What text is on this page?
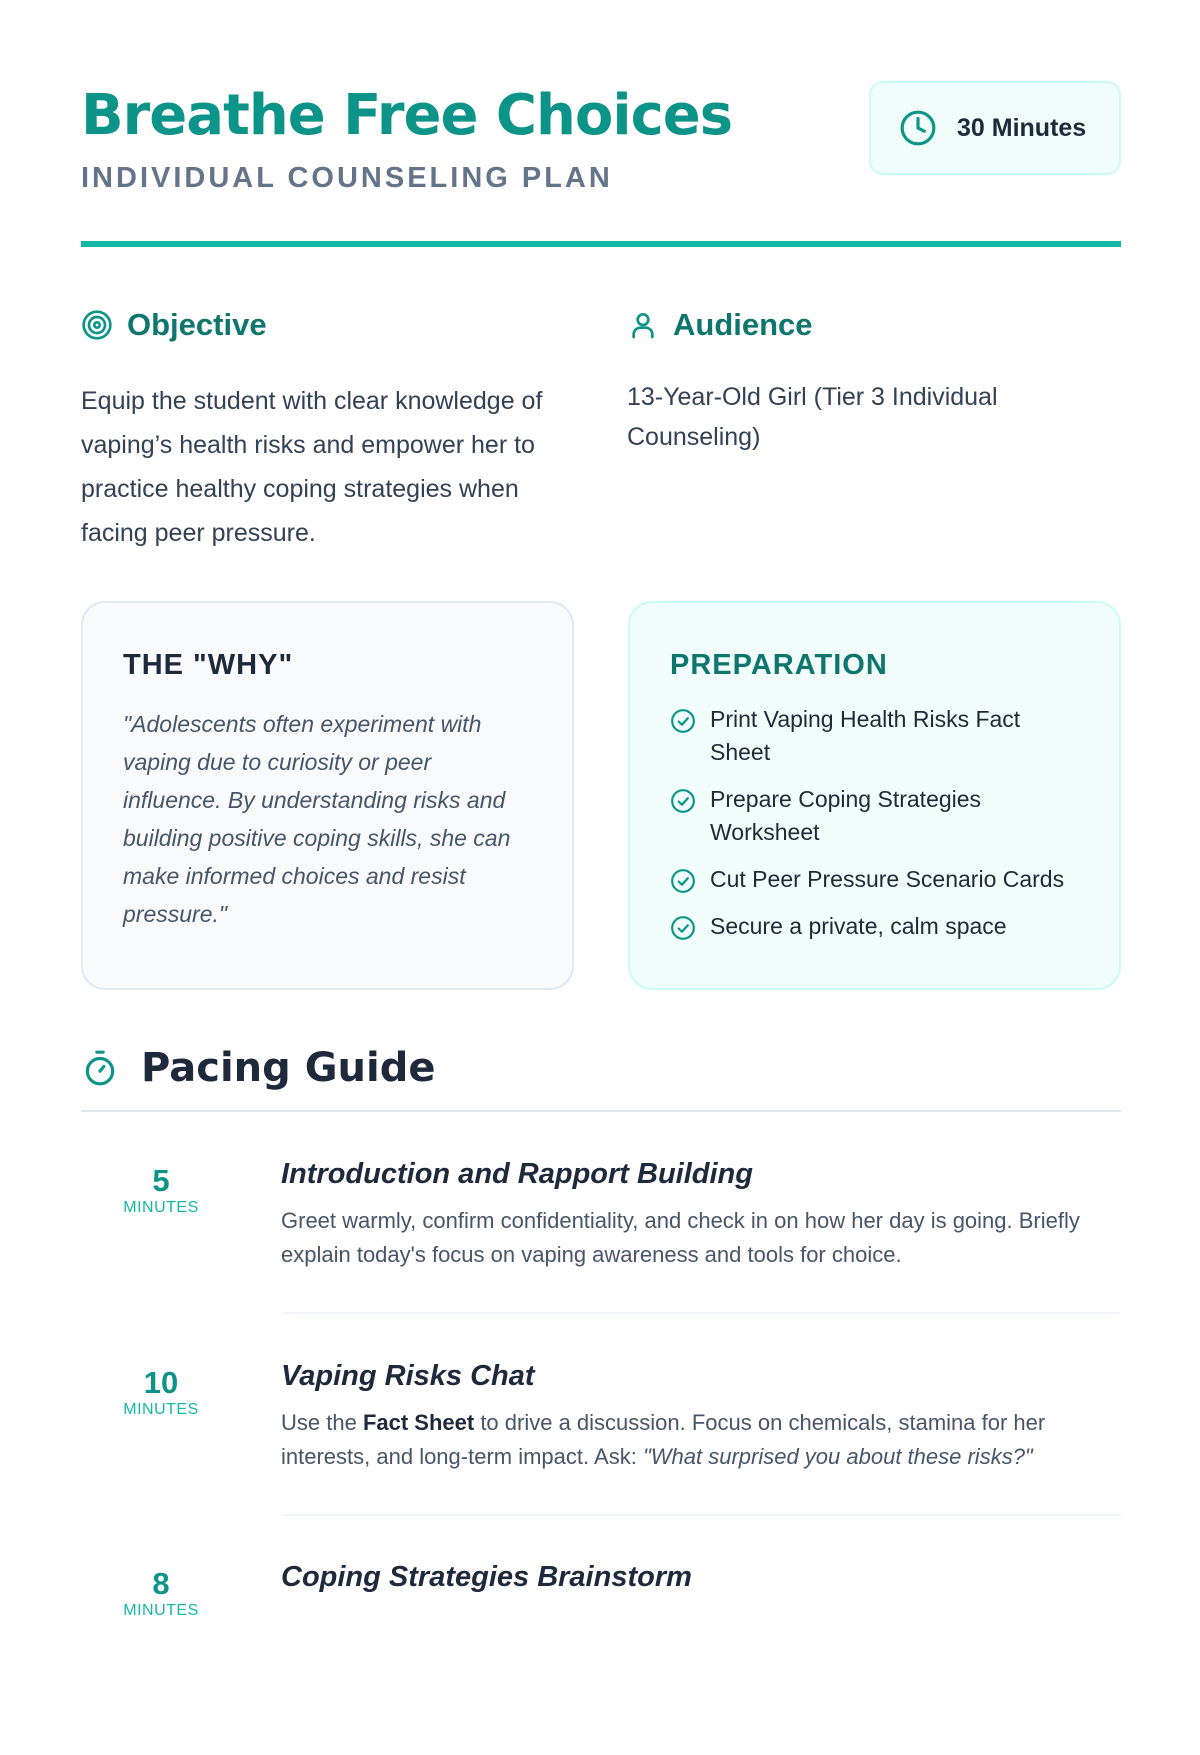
Breathe Free Choices
INDIVIDUAL COUNSELING PLAN
30 Minutes
Objective
Equip the student with clear knowledge of vaping’s health risks and empower her to practice healthy coping strategies when facing peer pressure.
Audience
13-Year-Old Girl (Tier 3 Individual Counseling)
THE "WHY"
"Adolescents often experiment with vaping due to curiosity or peer influence. By understanding risks and building positive coping skills, she can make informed choices and resist pressure."
PREPARATION
Print Vaping Health Risks Fact Sheet
Prepare Coping Strategies Worksheet
Cut Peer Pressure Scenario Cards
Secure a private, calm space
Pacing Guide
5
MINUTES
Introduction and Rapport Building
Greet warmly, confirm confidentiality, and check in on how her day is going. Briefly explain today's focus on vaping awareness and tools for choice.
10
MINUTES
Vaping Risks Chat
Use the Fact Sheet to drive a discussion. Focus on chemicals, stamina for her interests, and long-term impact. Ask: "What surprised you about these risks?"
8
MINUTES
Coping Strategies Brainstorm
